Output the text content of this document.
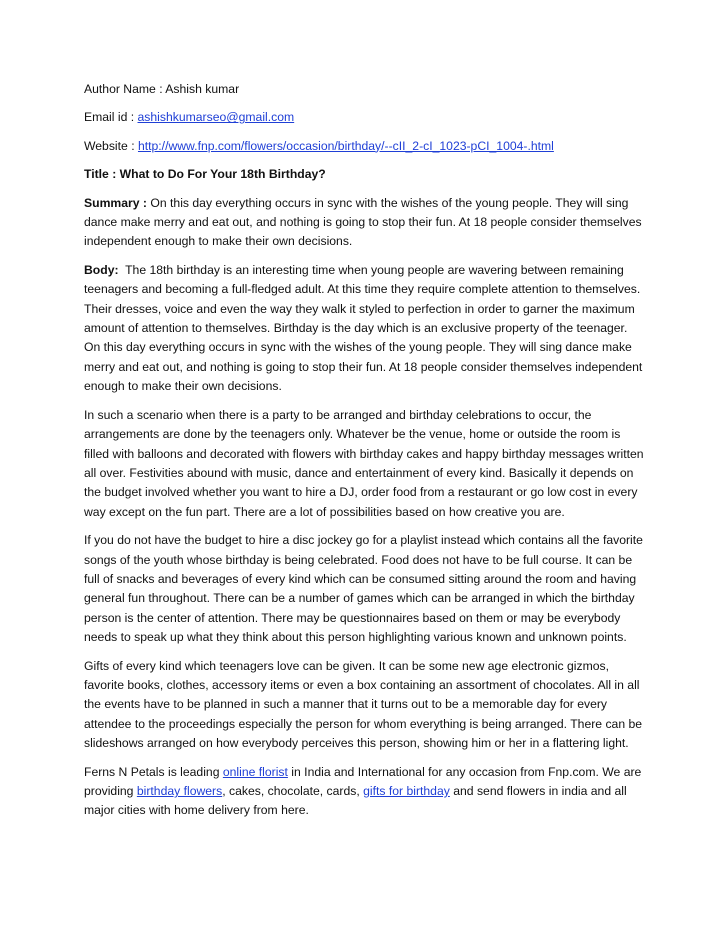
Author Name : Ashish kumar

Email id : ashishkumarseo@gmail.com

Website : http://www.fnp.com/flowers/occasion/birthday/--cII_2-cI_1023-pCI_1004-.html

Title : What to Do For Your 18th Birthday?

Summary : On this day everything occurs in sync with the wishes of the young people. They will sing dance make merry and eat out, and nothing is going to stop their fun. At 18 people consider themselves independent enough to make their own decisions.

Body: The 18th birthday is an interesting time when young people are wavering between remaining teenagers and becoming a full-fledged adult. At this time they require complete attention to themselves. Their dresses, voice and even the way they walk it styled to perfection in order to garner the maximum amount of attention to themselves. Birthday is the day which is an exclusive property of the teenager. On this day everything occurs in sync with the wishes of the young people. They will sing dance make merry and eat out, and nothing is going to stop their fun. At 18 people consider themselves independent enough to make their own decisions.

In such a scenario when there is a party to be arranged and birthday celebrations to occur, the arrangements are done by the teenagers only. Whatever be the venue, home or outside the room is filled with balloons and decorated with flowers with birthday cakes and happy birthday messages written all over. Festivities abound with music, dance and entertainment of every kind. Basically it depends on the budget involved whether you want to hire a DJ, order food from a restaurant or go low cost in every way except on the fun part. There are a lot of possibilities based on how creative you are.

If you do not have the budget to hire a disc jockey go for a playlist instead which contains all the favorite songs of the youth whose birthday is being celebrated. Food does not have to be full course. It can be full of snacks and beverages of every kind which can be consumed sitting around the room and having general fun throughout. There can be a number of games which can be arranged in which the birthday person is the center of attention. There may be questionnaires based on them or may be everybody needs to speak up what they think about this person highlighting various known and unknown points.

Gifts of every kind which teenagers love can be given. It can be some new age electronic gizmos, favorite books, clothes, accessory items or even a box containing an assortment of chocolates. All in all the events have to be planned in such a manner that it turns out to be a memorable day for every attendee to the proceedings especially the person for whom everything is being arranged. There can be slideshows arranged on how everybody perceives this person, showing him or her in a flattering light.

Ferns N Petals is leading online florist in India and International for any occasion from Fnp.com. We are providing birthday flowers, cakes, chocolate, cards, gifts for birthday and send flowers in india and all major cities with home delivery from here.
